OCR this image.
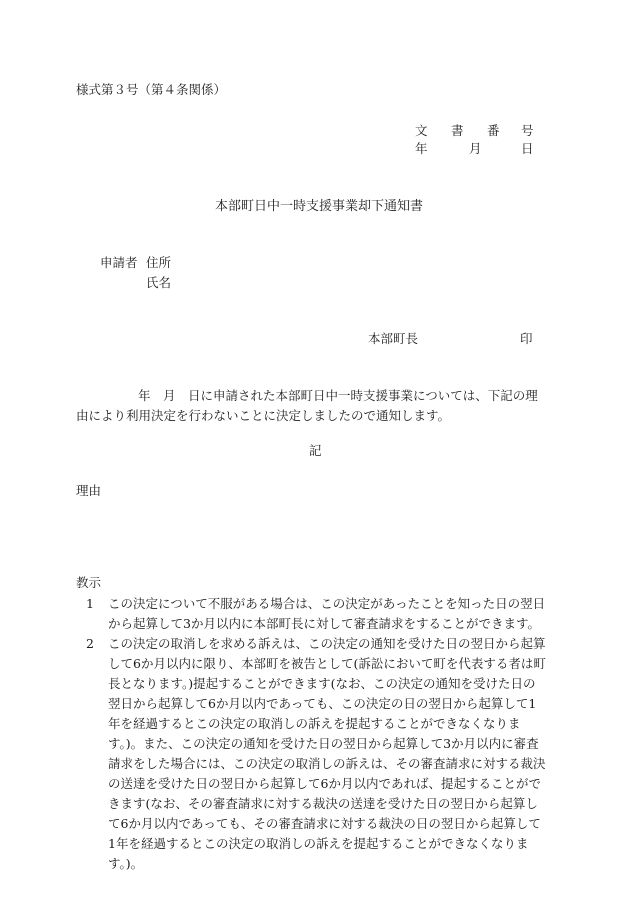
様式第３号（第４条関係）
文 書 番 号
年	月	日
本部町日中一時支援事業却下通知書
申請者 住所
氏名
本部町長	印
年　月　日に申請された本部町日中一時支援事業については、下記の理由により利用決定を行わないことに決定しましたので通知します。
記
理由
教示
1 この決定について不服がある場合は、この決定があったことを知った日の翌日から起算して3か月以内に本部町長に対して審査請求をすることができます。
2 この決定の取消しを求める訴えは、この決定の通知を受けた日の翌日から起算して6か月以内に限り、本部町を被告として(訴訟において町を代表する者は町長となります。)提起することができます(なお、この決定の通知を受けた日の翌日から起算して6か月以内であっても、この決定の日の翌日から起算して1年を経過するとこの決定の取消しの訴えを提起することができなくなります。)。また、この決定の通知を受けた日の翌日から起算して3か月以内に審査請求をした場合には、この決定の取消しの訴えは、その審査請求に対する裁決の送達を受けた日の翌日から起算して6か月以内であれば、提起することができます(なお、その審査請求に対する裁決の送達を受けた日の翌日から起算して6か月以内であっても、その審査請求に対する裁決の日の翌日から起算して1年を経過するとこの決定の取消しの訴えを提起することができなくなります。)。
